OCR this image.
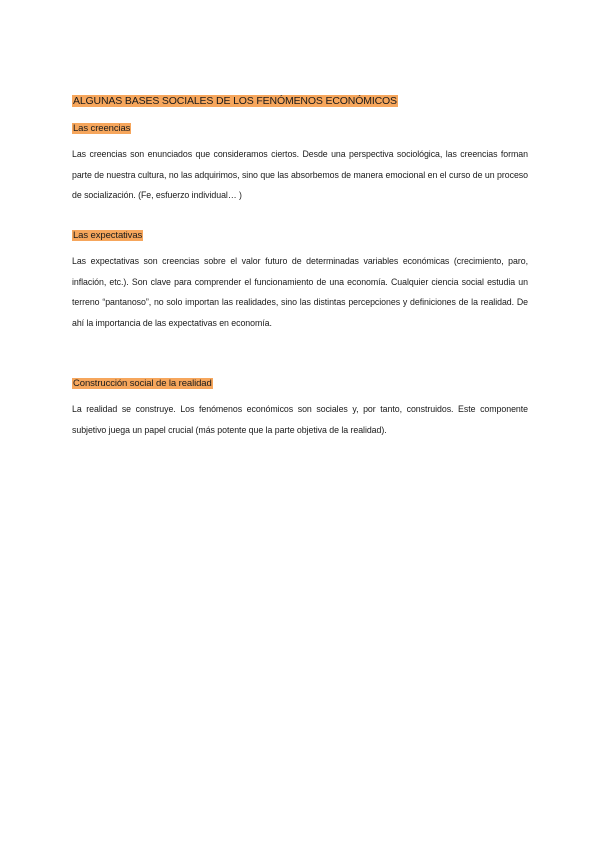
ALGUNAS BASES SOCIALES DE LOS FENÓMENOS ECONÓMICOS
Las creencias

Las creencias son enunciados que consideramos ciertos. Desde una perspectiva sociológica, las creencias forman parte de nuestra cultura, no las adquirimos, sino que las absorbemos de manera emocional en el curso de un proceso de socialización. (Fe, esfuerzo individual… )

Las expectativas

Las expectativas son creencias sobre el valor futuro de determinadas variables económicas (crecimiento, paro, inflación, etc.). Son clave para comprender el funcionamiento de una economía. Cualquier ciencia social estudia un terreno “pantanoso”, no solo importan las realidades, sino las distintas percepciones y definiciones de la realidad. De ahí la importancia de las expectativas en economía.

Construcción social de la realidad

La realidad se construye. Los fenómenos económicos son sociales y, por tanto, construidos. Este componente subjetivo juega un papel crucial (más potente que la parte objetiva de la realidad).
